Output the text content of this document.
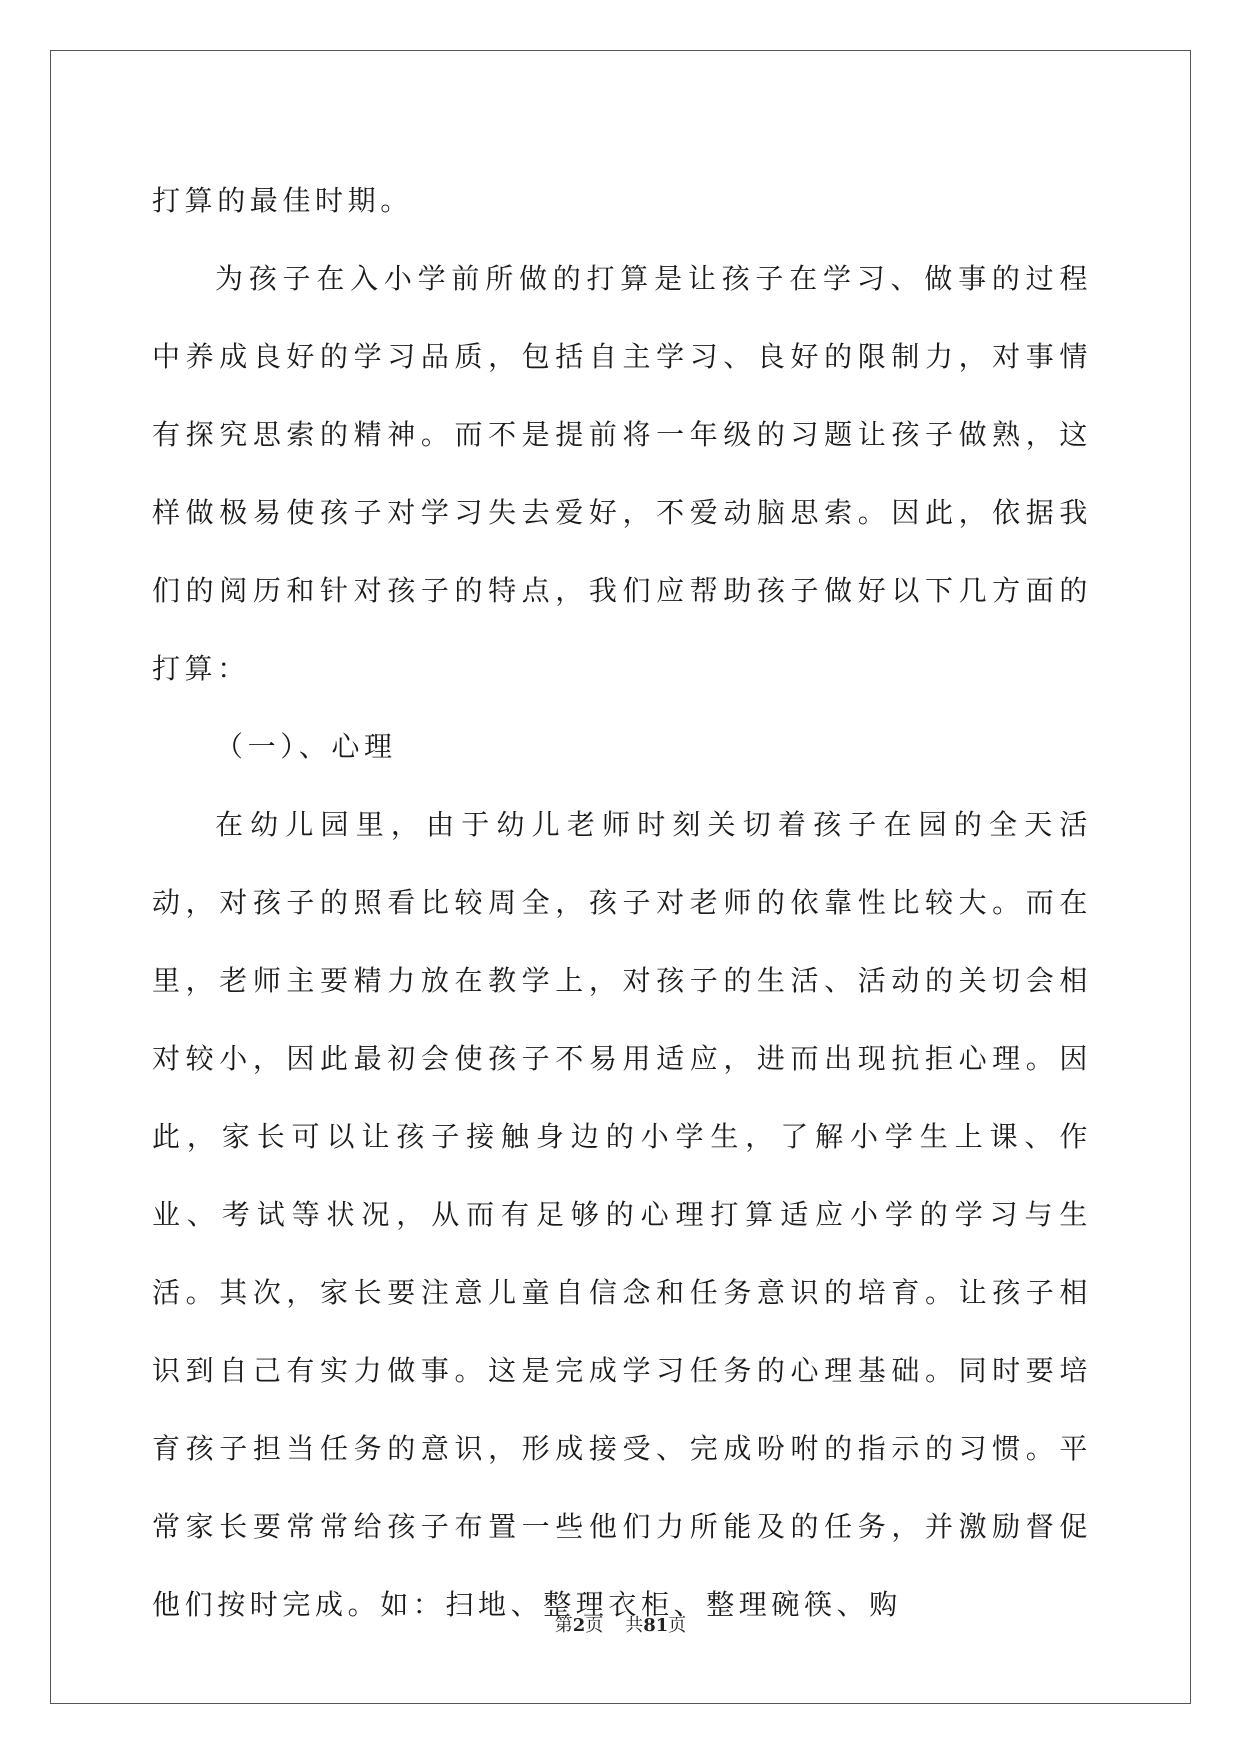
打算的最佳时期。

为孩子在入小学前所做的打算是让孩子在学习、做事的过程中养成良好的学习品质，包括自主学习、良好的限制力，对事情有探究思索的精神。而不是提前将一年级的习题让孩子做熟，这样做极易使孩子对学习失去爱好，不爱动脑思索。因此，依据我们的阅历和针对孩子的特点，我们应帮助孩子做好以下几方面的打算：

（一）、心理

在幼儿园里，由于幼儿老师时刻关切着孩子在园的全天活动，对孩子的照看比较周全，孩子对老师的依靠性比较大。而在里，老师主要精力放在教学上，对孩子的生活、活动的关切会相对较小，因此最初会使孩子不易用适应，进而出现抗拒心理。因此，家长可以让孩子接触身边的小学生，了解小学生上课、作业、考试等状况，从而有足够的心理打算适应小学的学习与生活。其次，家长要注意儿童自信念和任务意识的培育。让孩子相识到自己有实力做事。这是完成学习任务的心理基础。同时要培育孩子担当任务的意识，形成接受、完成吩咐的指示的习惯。平常家长要常常给孩子布置一些他们力所能及的任务，并激励督促他们按时完成。如：扫地、整理衣柜、整理碗筷、购

第2页 共81页
